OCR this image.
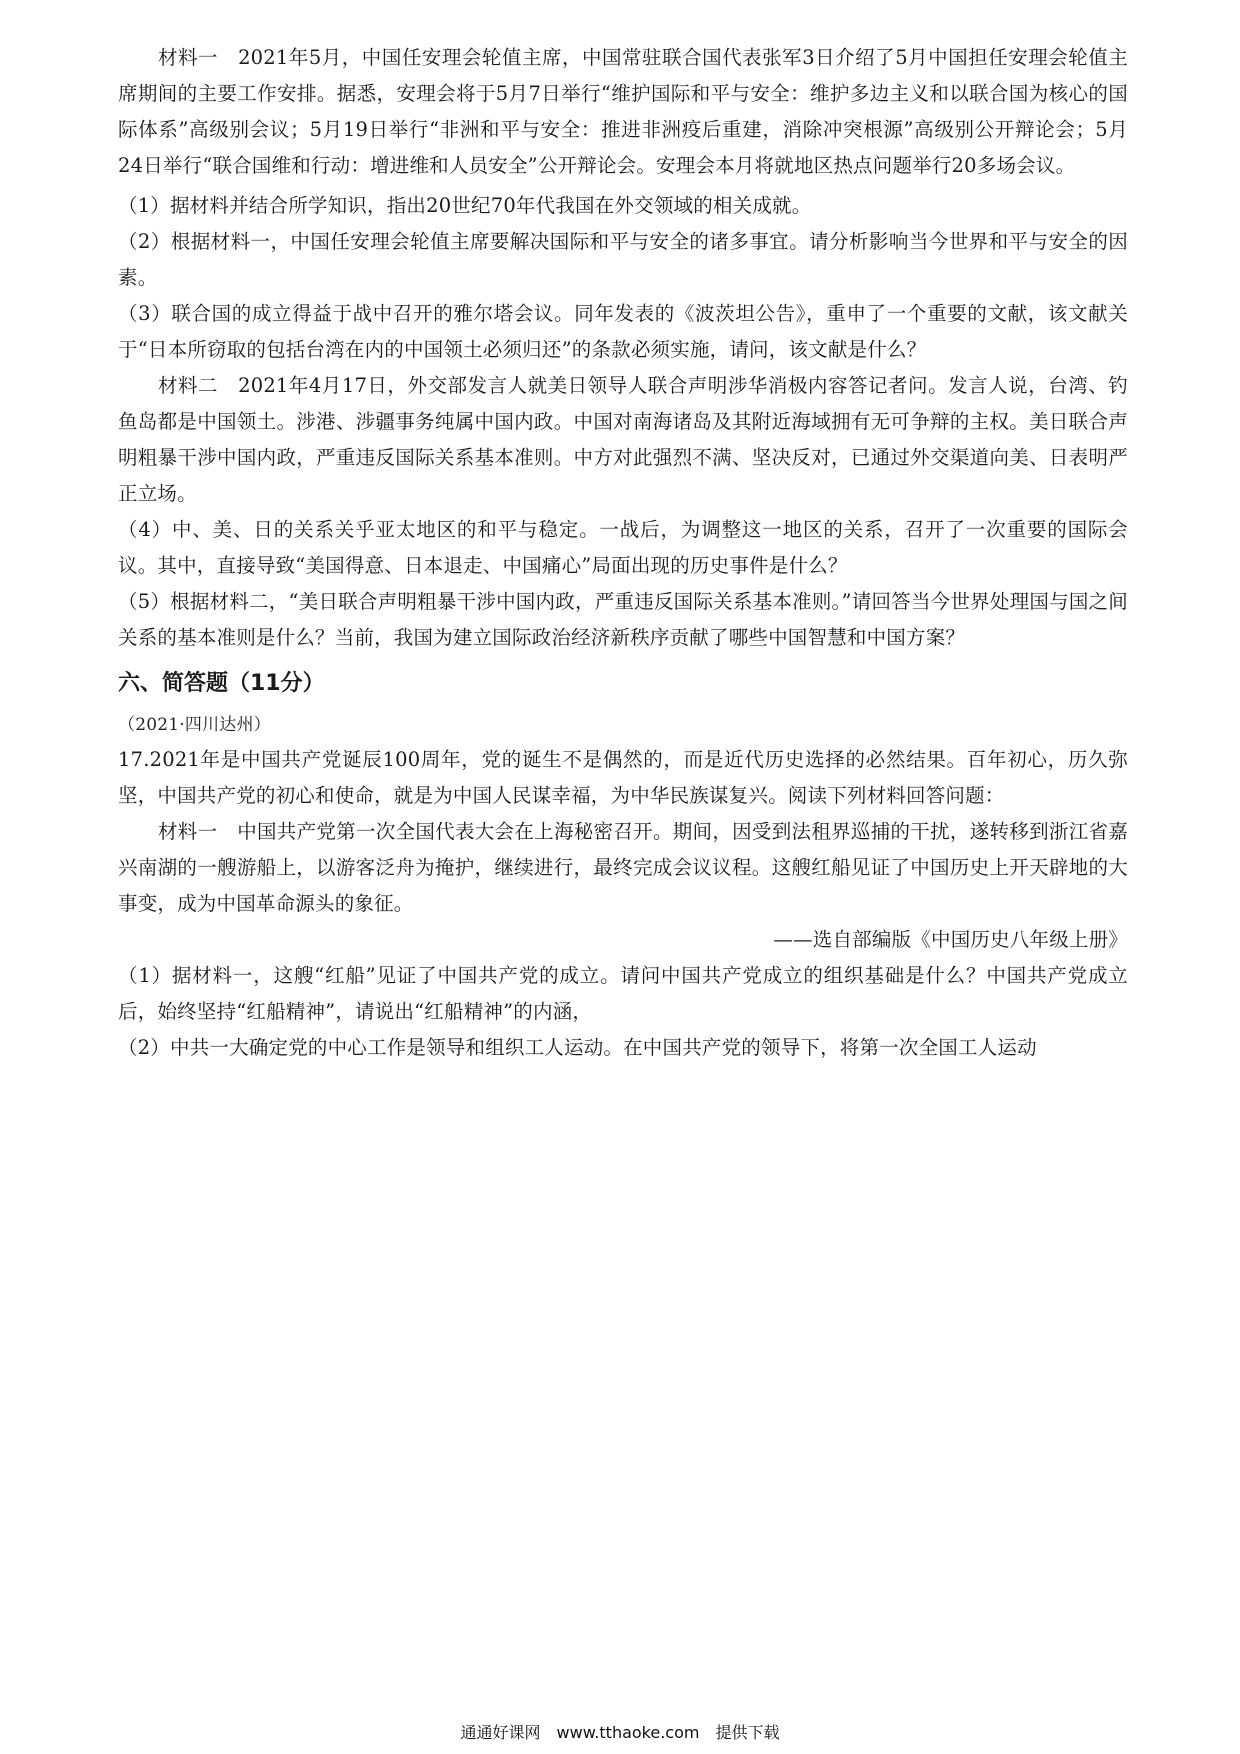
材料一　2021年5月，中国任安理会轮值主席，中国常驻联合国代表张军3日介绍了5月中国担任安理会轮值主席期间的主要工作安排。据悉，安理会将于5月7日举行“维护国际和平与安全：维护多边主义和以联合国为核心的国际体系”高级别会议；5月19日举行“非洲和平与安全：推进非洲疫后重建，消除冲突根源”高级别公开辩论会；5月24日举行“联合国维和行动：增进维和人员安全”公开辩论会。安理会本月将就地区热点问题举行20多场会议。

（1）据材料并结合所学知识，指出20世纪70年代我国在外交领域的相关成就。

（2）根据材料一，中国任安理会轮值主席要解决国际和平与安全的诸多事宜。请分析影响当今世界和平与安全的因素。

（3）联合国的成立得益于战中召开的雅尔塔会议。同年发表的《波茨坦公告》，重申了一个重要的文献，该文献关于“日本所窃取的包括台湾在内的中国领土必须归还”的条款必须实施，请问，该文献是什么？

材料二　2021年4月17日，外交部发言人就美日领导人联合声明涉华消极内容答记者问。发言人说，台湾、钓鱼岛都是中国领土。涉港、涉疆事务纯属中国内政。中国对南海诸岛及其附近海域拥有无可争辩的主权。美日联合声明粗暴干涉中国内政，严重违反国际关系基本准则。中方对此强烈不满、坚决反对，已通过外交渠道向美、日表明严正立场。

（4）中、美、日的关系关乎亚太地区的和平与稳定。一战后，为调整这一地区的关系，召开了一次重要的国际会议。其中，直接导致“美国得意、日本退走、中国痛心”局面出现的历史事件是什么？

（5）根据材料二，“美日联合声明粗暴干涉中国内政，严重违反国际关系基本准则。”请回答当今世界处理国与国之间关系的基本准则是什么？当前，我国为建立国际政治经济新秩序贡献了哪些中国智慧和中国方案？

六、简答题（11分）

（2021·四川达州）

17.2021年是中国共产党诞辰100周年，党的诞生不是偶然的，而是近代历史选择的必然结果。百年初心，历久弥坚，中国共产党的初心和使命，就是为中国人民谋幸福，为中华民族谋复兴。阅读下列材料回答问题：

材料一　中国共产党第一次全国代表大会在上海秘密召开。期间，因受到法租界巡捕的干扰，遂转移到浙江省嘉兴南湖的一艘游船上，以游客泛舟为掩护，继续进行，最终完成会议议程。这艘红船见证了中国历史上开天辟地的大事变，成为中国革命源头的象征。

——选自部编版《中国历史八年级上册》

（1）据材料一，这艘“红船”见证了中国共产党的成立。请问中国共产党成立的组织基础是什么？中国共产党成立后，始终坚持“红船精神”，请说出“红船精神”的内涵，

（2）中共一大确定党的中心工作是领导和组织工人运动。在中国共产党的领导下，将第一次全国工人运动

通通好课网　www.tthaoke.com　提供下载
